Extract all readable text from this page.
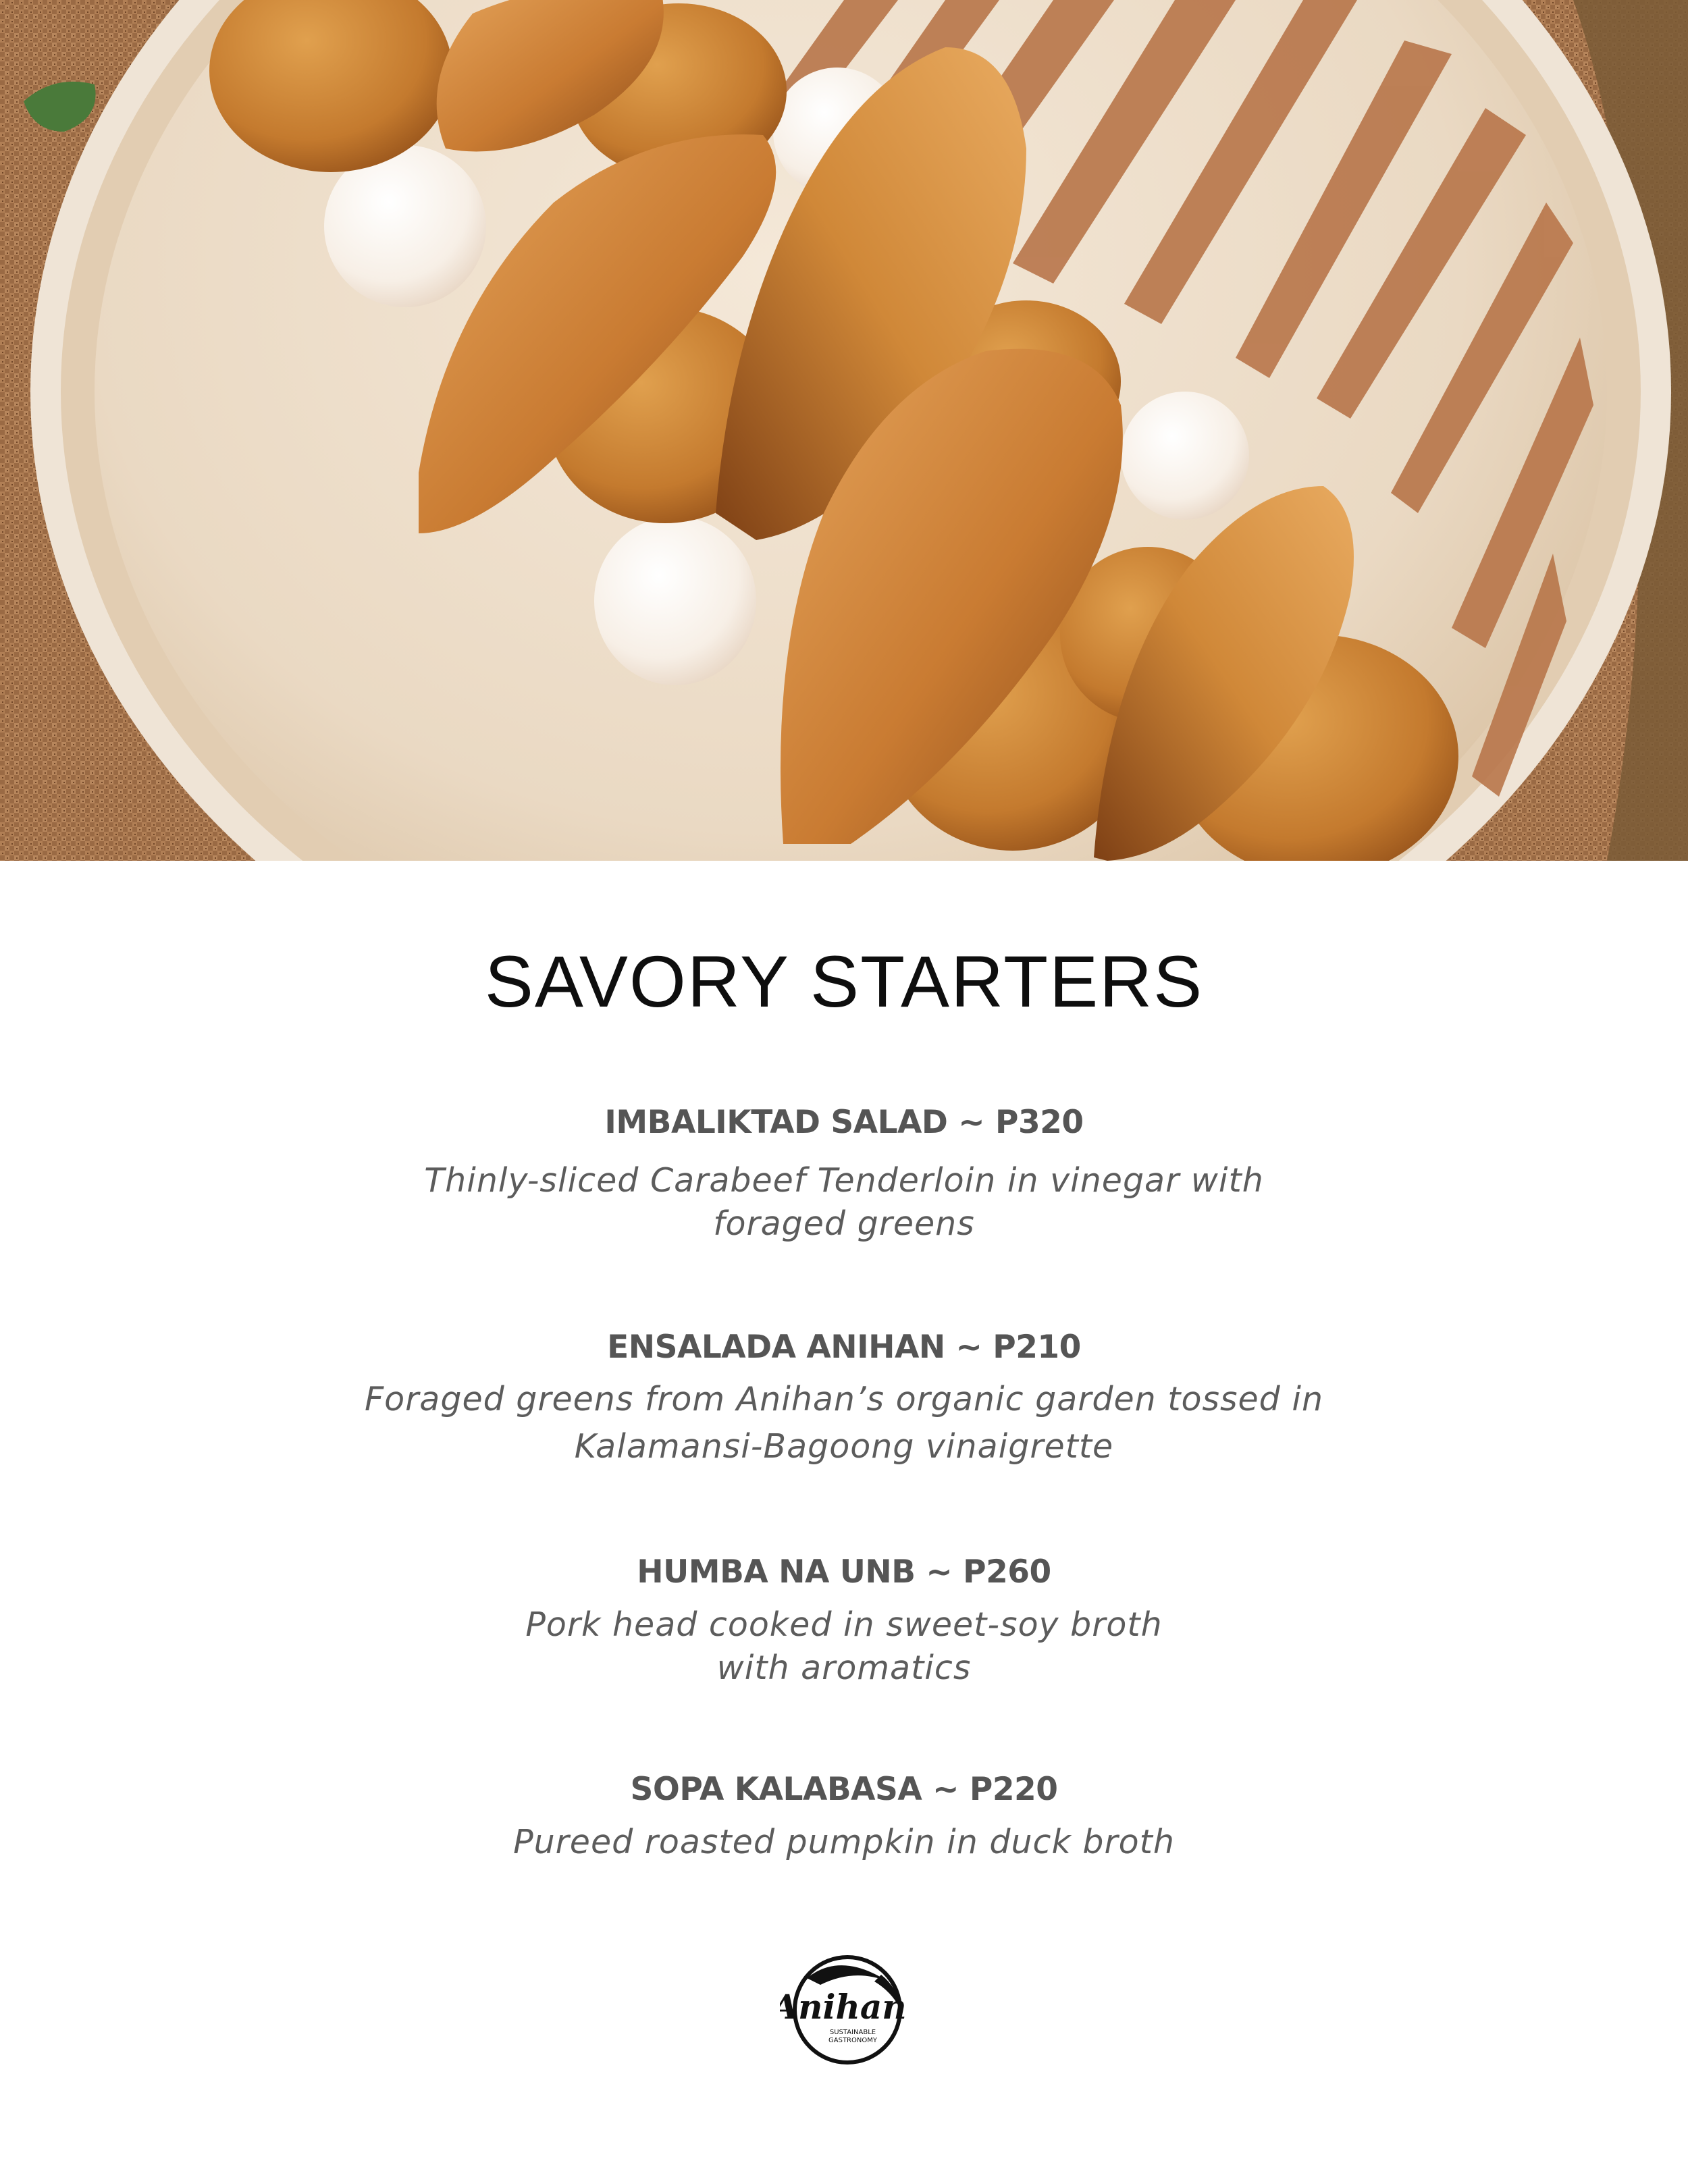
SAVORY STARTERS
IMBALIKTAD SALAD ~ P320
Thinly-sliced Carabeef Tenderloin in vinegar with foraged greens
ENSALADA ANIHAN ~ P210
Foraged greens from Anihan’s organic garden tossed in Kalamansi-Bagoong vinaigrette
HUMBA NA UNB ~ P260
Pork head cooked in sweet-soy broth with aromatics
SOPA KALABASA ~ P220
Pureed roasted pumpkin in duck broth
Anihan
SUSTAINABLE
GASTRONOMY
